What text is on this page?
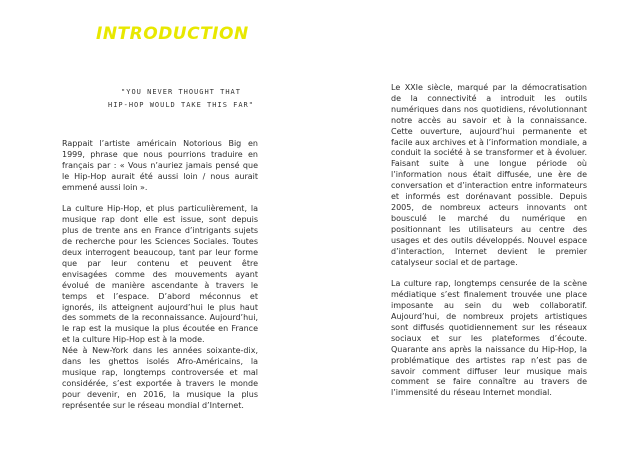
INTRODUCTION
"YOU NEVER THOUGHT THAT
HIP-HOP WOULD TAKE THIS FAR"

Rappait l’artiste américain Notorious Big en 1999, phrase que nous pourrions traduire en français par : « Vous n’auriez jamais pensé que le Hip-Hop aurait été aussi loin / nous aurait emmené aussi loin ».

La culture Hip-Hop, et plus particulièrement, la musique rap dont elle est issue, sont depuis plus de trente ans en France d’intrigants sujets de recherche pour les Sciences Sociales. Toutes deux interrogent beaucoup, tant par leur forme que par leur contenu et peuvent être envisagées comme des mouvements ayant évolué de manière ascendante à travers le temps et l’espace. D’abord méconnus et ignorés, ils atteignent aujourd’hui le plus haut des sommets de la reconnaissance. Aujourd’hui, le rap est la musique la plus écoutée en France et la culture Hip-Hop est à la mode.

Née à New-York dans les années soixante-dix, dans les ghettos isolés Afro-Américains, la musique rap, longtemps controversée et mal considérée, s’est exportée à travers le monde pour devenir, en 2016, la musique la plus représentée sur le réseau mondial d’Internet.

Le XXIe siècle, marqué par la démocratisation de la connectivité a introduit les outils numériques dans nos quotidiens, révolutionnant notre accès au savoir et à la connaissance. Cette ouverture, aujourd’hui permanente et facile aux archives et à l’information mondiale, a conduit la société à se transformer et à évoluer. Faisant suite à une longue période où l’information nous était diffusée, une ère de conversation et d’interaction entre informateurs et informés est dorénavant possible. Depuis 2005, de nombreux acteurs innovants ont bousculé le marché du numérique en positionnant les utilisateurs au centre des usages et des outils développés. Nouvel espace d’interaction, Internet devient le premier catalyseur social et de partage.

La culture rap, longtemps censurée de la scène médiatique s’est finalement trouvée une place imposante au sein du web collaboratif. Aujourd’hui, de nombreux projets artistiques sont diffusés quotidiennement sur les réseaux sociaux et sur les plateformes d’écoute. Quarante ans après la naissance du Hip-Hop, la problématique des artistes rap n’est pas de savoir comment diffuser leur musique mais comment se faire connaître au travers de l’immensité du réseau Internet mondial.
